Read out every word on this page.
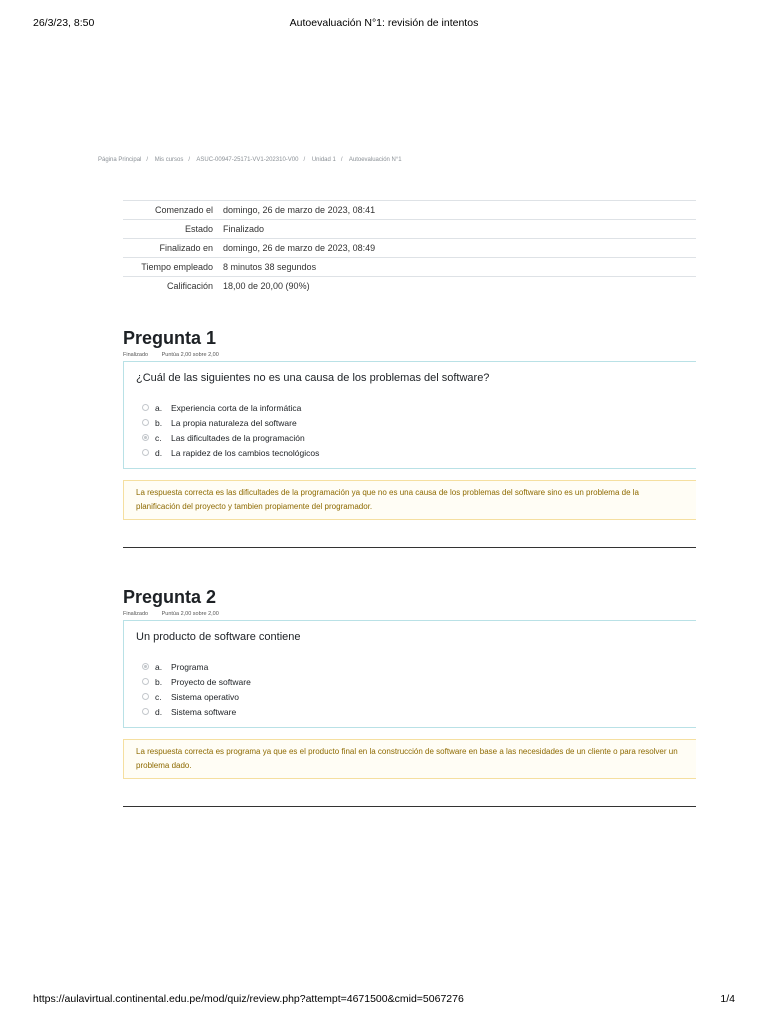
26/3/23, 8:50	Autoevaluación N°1: revisión de intentos
Página Principal / Mis cursos / ASUC-00947-25171-VV1-202310-V00 / Unidad 1 / Autoevaluación N°1
Comenzado el	domingo, 26 de marzo de 2023, 08:41
Estado	Finalizado
Finalizado en	domingo, 26 de marzo de 2023, 08:49
Tiempo empleado	8 minutos 38 segundos
Calificación	18,00 de 20,00 (90%)
Pregunta 1
Finalizado Puntúa 2,00 sobre 2,00
¿Cuál de las siguientes no es una causa de los problemas del software?
a.	Experiencia corta de la informática
b.	La propia naturaleza del software
c.	Las dificultades de la programación
d.	La rapidez de los cambios tecnológicos
La respuesta correcta es las dificultades de la programación ya que no es una causa de los problemas del software sino es un problema de la planificación del proyecto y tambien propiamente del programador.
Pregunta 2
Finalizado Puntúa 2,00 sobre 2,00
Un producto de software contiene
a.	Programa
b.	Proyecto de software
c.	Sistema operativo
d.	Sistema software
La respuesta correcta es programa ya que es el producto final en la construcción de software en base a las necesidades de un cliente o para resolver un problema dado.
https://aulavirtual.continental.edu.pe/mod/quiz/review.php?attempt=4671500&cmid=5067276	1/4
